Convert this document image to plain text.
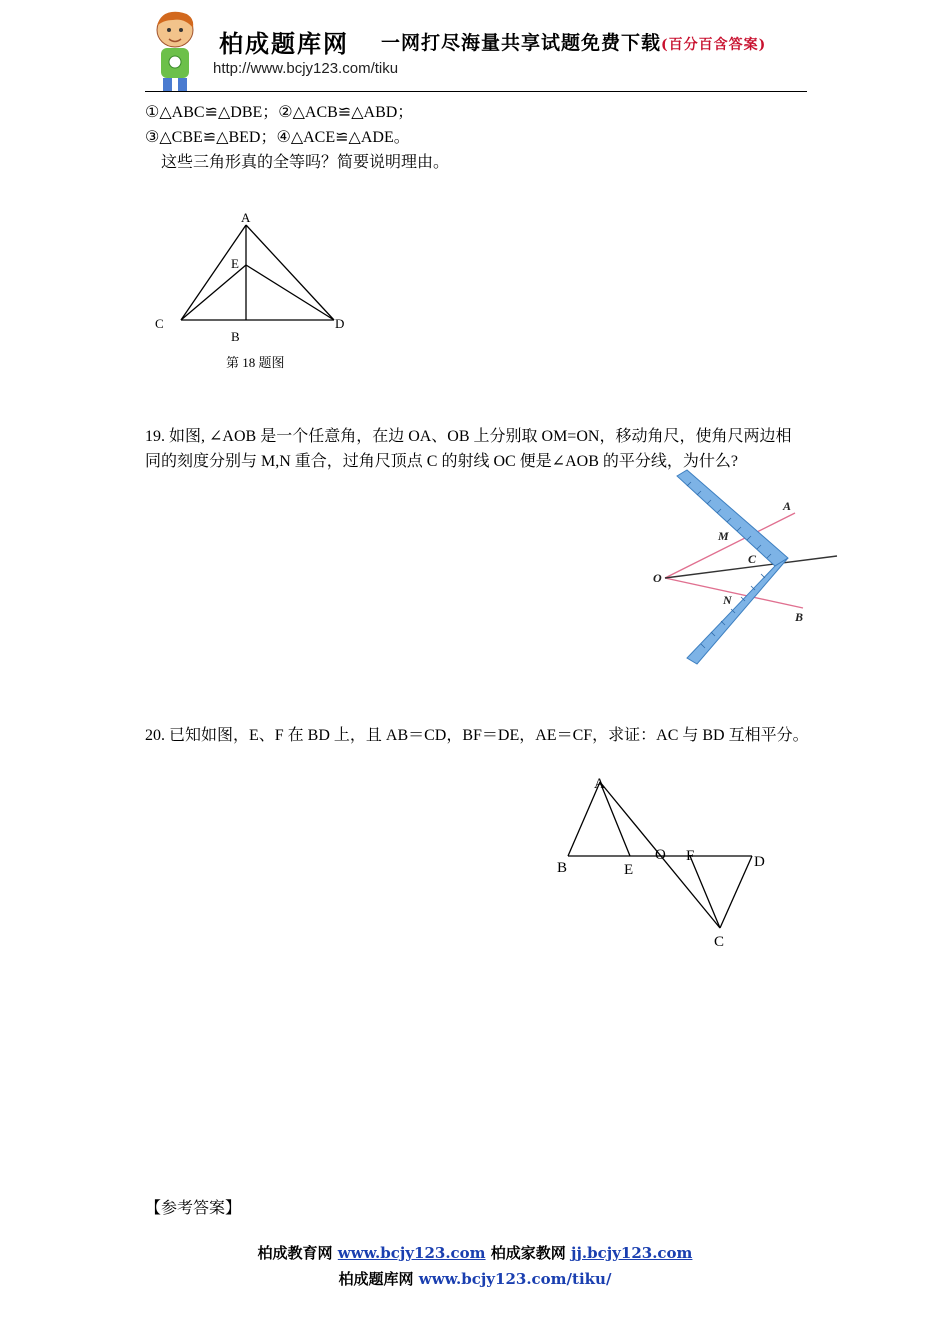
柏成题库网 一网打尽海量共享试题免费下载(百分百含答案)
http://www.bcjy123.com/tiku
①△ABC≌△DBE；②△ACB≌△ABD；
③△CBE≌△BED；④△ACE≌△ADE。
这些三角形真的全等吗？简要说明理由。
A
E
C
B
D
第 18 题图
19. 如图, ∠AOB 是一个任意角，在边 OA、OB 上分别取 OM=ON，移动角尺，使角尺两边相
同的刻度分别与 M,N 重合，过角尺顶点 C 的射线 OC 便是∠AOB 的平分线，为什么?
A
M
C
O
N
B
20. 已知如图，E、F 在 BD 上，且 AB＝CD，BF＝DE，AE＝CF，求证：AC 与 BD 互相平分。
A
B	E
O F	D
C
【参考答案】
柏成教育网 www.bcjy123.com 柏成家教网 jj.bcjy123.com
柏成题库网 www.bcjy123.com/tiku/
